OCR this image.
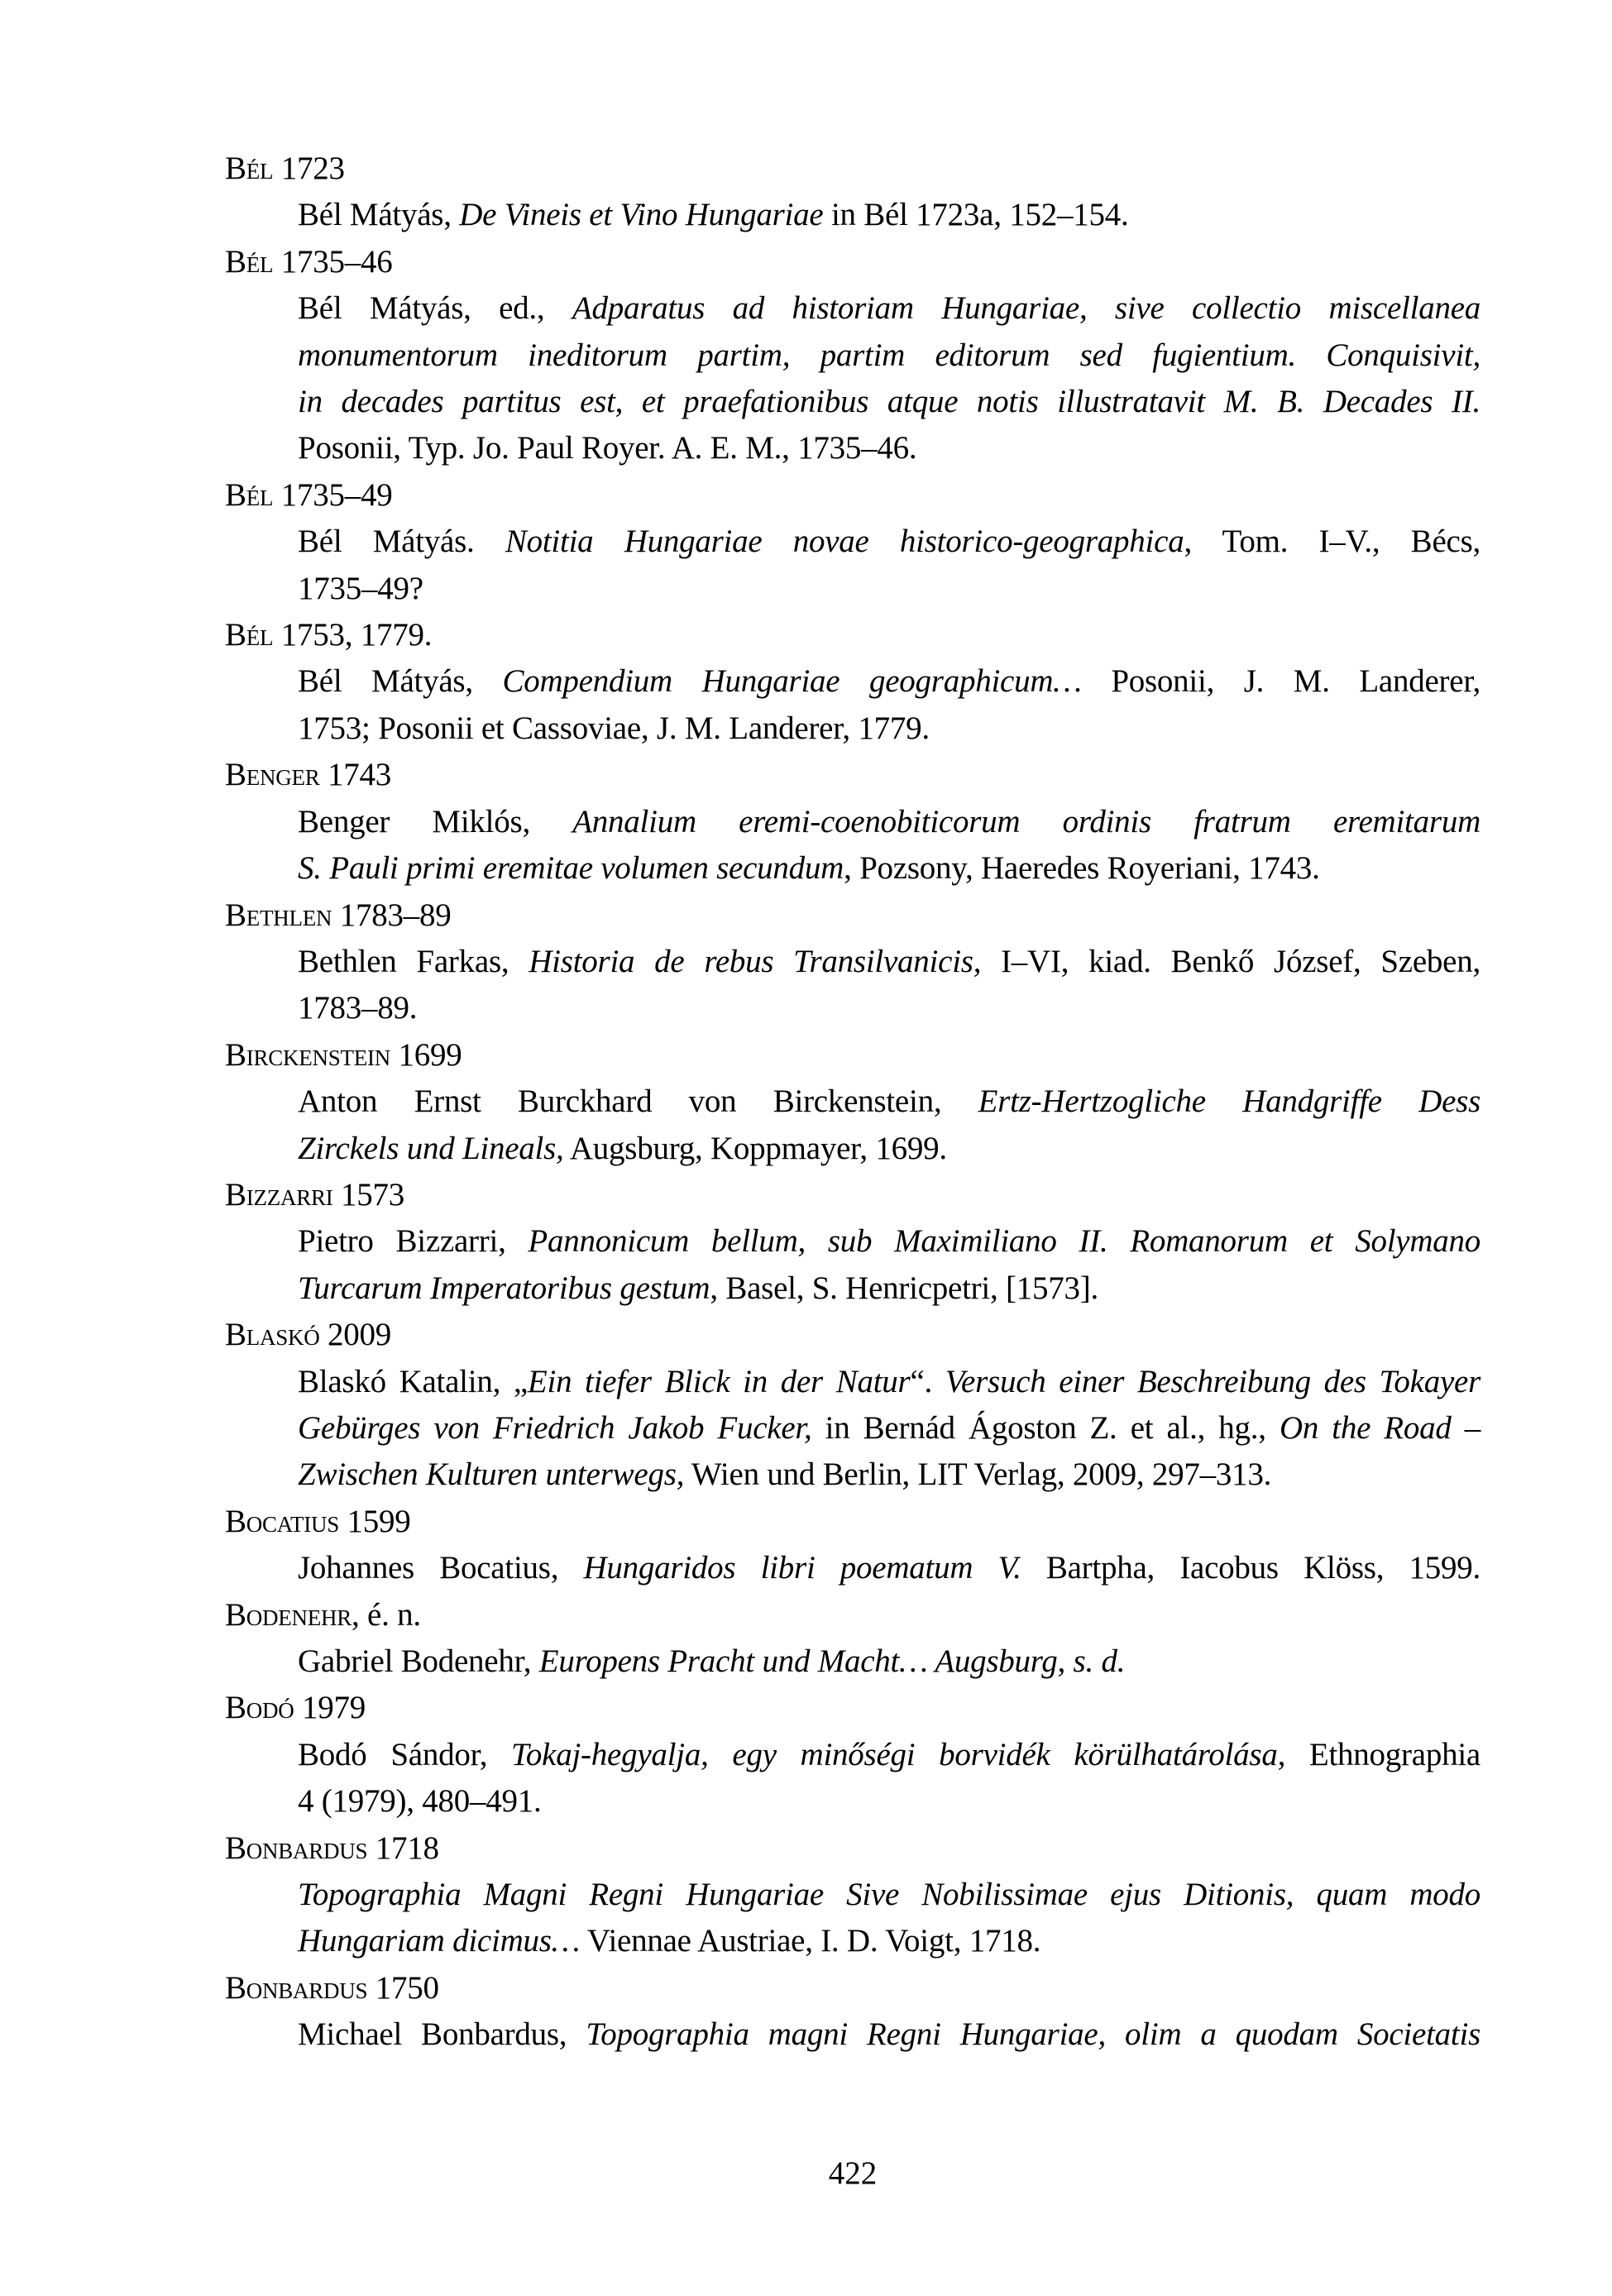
Bél 1723
Bél Mátyás, De Vineis et Vino Hungariae in Bél 1723a, 152–154.
Bél 1735–46
Bél Mátyás, ed., Adparatus ad historiam Hungariae, sive collectio miscellanea
monumentorum ineditorum partim, partim editorum sed fugientium. Conquisivit,
in decades partitus est, et praefationibus atque notis illustratavit M. B. Decades II.
Posonii, Typ. Jo. Paul Royer. A. E. M., 1735–46.
Bél 1735–49
Bél Mátyás. Notitia Hungariae novae historico-geographica, Tom. I–V., Bécs,
1735–49?
Bél 1753, 1779.
Bél Mátyás, Compendium Hungariae geographicum… Posonii, J. M. Landerer,
1753; Posonii et Cassoviae, J. M. Landerer, 1779.
Benger 1743
Benger Miklós, Annalium eremi-coenobiticorum ordinis fratrum eremitarum
S. Pauli primi eremitae volumen secundum, Pozsony, Haeredes Royeriani, 1743.
Bethlen 1783–89
Bethlen Farkas, Historia de rebus Transilvanicis, I–VI, kiad. Benkő József, Szeben,
1783–89.
Birckenstein 1699
Anton Ernst Burckhard von Birckenstein, Ertz-Hertzogliche Handgriffe Dess
Zirckels und Lineals, Augsburg, Koppmayer, 1699.
Bizzarri 1573
Pietro Bizzarri, Pannonicum bellum, sub Maximiliano II. Romanorum et Solymano
Turcarum Imperatoribus gestum, Basel, S. Henricpetri, [1573].
Blaskó 2009
Blaskó Katalin, „Ein tiefer Blick in der Natur“. Versuch einer Beschreibung des Tokayer
Gebürges von Friedrich Jakob Fucker, in Bernád Ágoston Z. et al., hg., On the Road –
Zwischen Kulturen unterwegs, Wien und Berlin, LIT Verlag, 2009, 297–313.
Bocatius 1599
Johannes Bocatius, Hungaridos libri poematum V. Bartpha, Iacobus Klöss, 1599.
Bodenehr, é. n.
Gabriel Bodenehr, Europens Pracht und Macht… Augsburg, s. d.
Bodó 1979
Bodó Sándor, Tokaj-hegyalja, egy minőségi borvidék körülhatárolása, Ethnographia
4 (1979), 480–491.
Bonbardus 1718
Topographia Magni Regni Hungariae Sive Nobilissimae ejus Ditionis, quam modo
Hungariam dicimus… Viennae Austriae, I. D. Voigt, 1718.
Bonbardus 1750
Michael Bonbardus, Topographia magni Regni Hungariae, olim a quodam Societatis
422
